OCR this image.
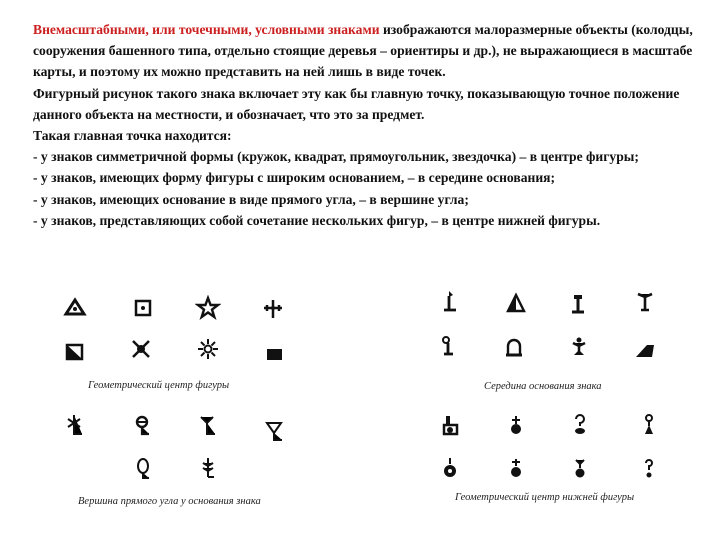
Внемасштабными, или точечными, условными знаками изображаются малоразмерные объекты (колодцы, сооружения башенного типа, отдельно стоящие деревья – ориентиры и др.), не выражающиеся в масштабе карты, и поэтому их можно представить на ней лишь в виде точек.

Фигурный рисунок такого знака включает эту как бы главную точку, показывающую точное положение данного объекта на местности, и обозначает, что это за предмет.

Такая главная точка находится:

- у знаков симметричной формы (кружок, квадрат, прямоугольник, звездочка) – в центре фигуры;

- у знаков, имеющих форму фигуры с широким основанием, – в середине основания;

- у знаков, имеющих основание в виде прямого угла, – в вершине угла;

- у знаков, представляющих собой сочетание нескольких фигур, – в центре нижней фигуры.

Геометрический центр фигуры	Середина основания знака
Вершина прямого угла у основания знака	Геометрический центр нижней фигуры
